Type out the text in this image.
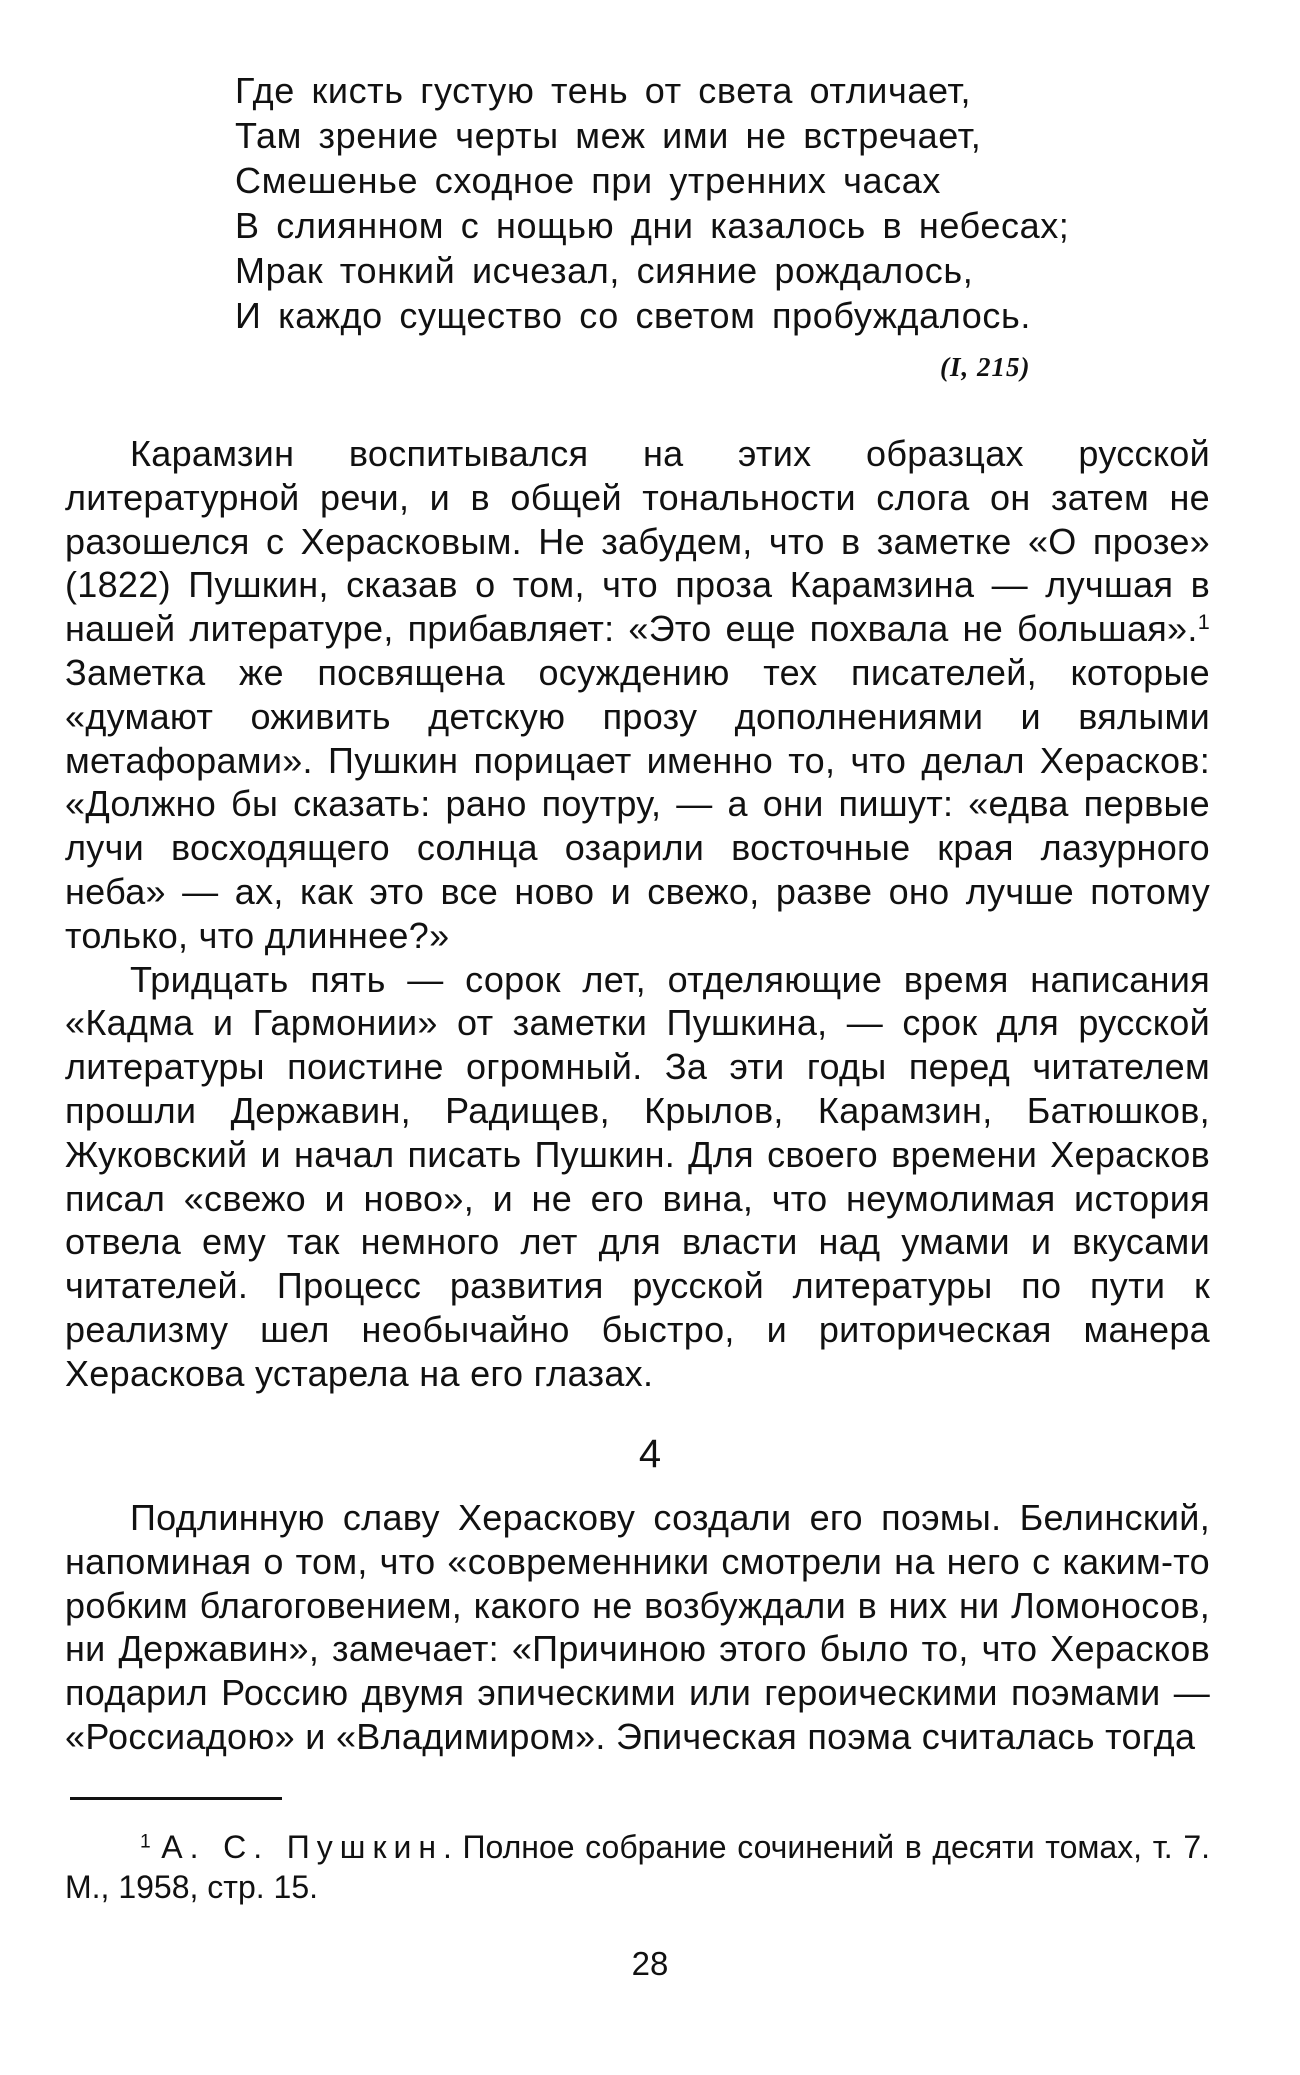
Где кисть густую тень от света отличает,
Там зрение черты меж ими не встречает,
Смешенье сходное при утренних часах
В слиянном с нощью дни казалось в небесах;
Мрак тонкий исчезал, сияние рождалось,
И каждо существо со светом пробуждалось.
(I, 215)

Карамзин воспитывался на этих образцах русской литературной речи, и в общей тональности слога он затем не разошелся с Херасковым. Не забудем, что в заметке «О прозе» (1822) Пушкин, сказав о том, что проза Карамзина — лучшая в нашей литературе, прибавляет: «Это еще похвала не большая».$^1$ Заметка же посвящена осуждению тех писателей, которые «думают оживить детскую прозу дополнениями и вялыми метафорами». Пушкин порицает именно то, что делал Херасков: «Должно бы сказать: рано поутру, — а они пишут: «едва первые лучи восходящего солнца озарили восточные края лазурного неба» — ах, как это все ново и свежо, разве оно лучше потому только, что длиннее?»

Тридцать пять — сорок лет, отделяющие время написания «Кадма и Гармонии» от заметки Пушкина, — срок для русской литературы поистине огромный. За эти годы перед читателем прошли Державин, Радищев, Крылов, Карамзин, Батюшков, Жуковский и начал писать Пушкин. Для своего времени Херасков писал «свежо и ново», и не его вина, что неумолимая история отвела ему так немного лет для власти над умами и вкусами читателей. Процесс развития русской литературы по пути к реализму шел необычайно быстро, и риторическая манера Хераскова устарела на его глазах.

4

Подлинную славу Хераскову создали его поэмы. Белинский, напоминая о том, что «современники смотрели на него с каким-то робким благоговением, какого не возбуждали в них ни Ломоносов, ни Державин», замечает: «Причиною этого было то, что Херасков подарил Россию двумя эпическими или героическими поэмами — «Россиадою» и «Владимиром». Эпическая поэма считалась тогда

$^1$ А. С. Пушкин. Полное собрание сочинений в десяти томах, т. 7. М., 1958, стр. 15.
28
